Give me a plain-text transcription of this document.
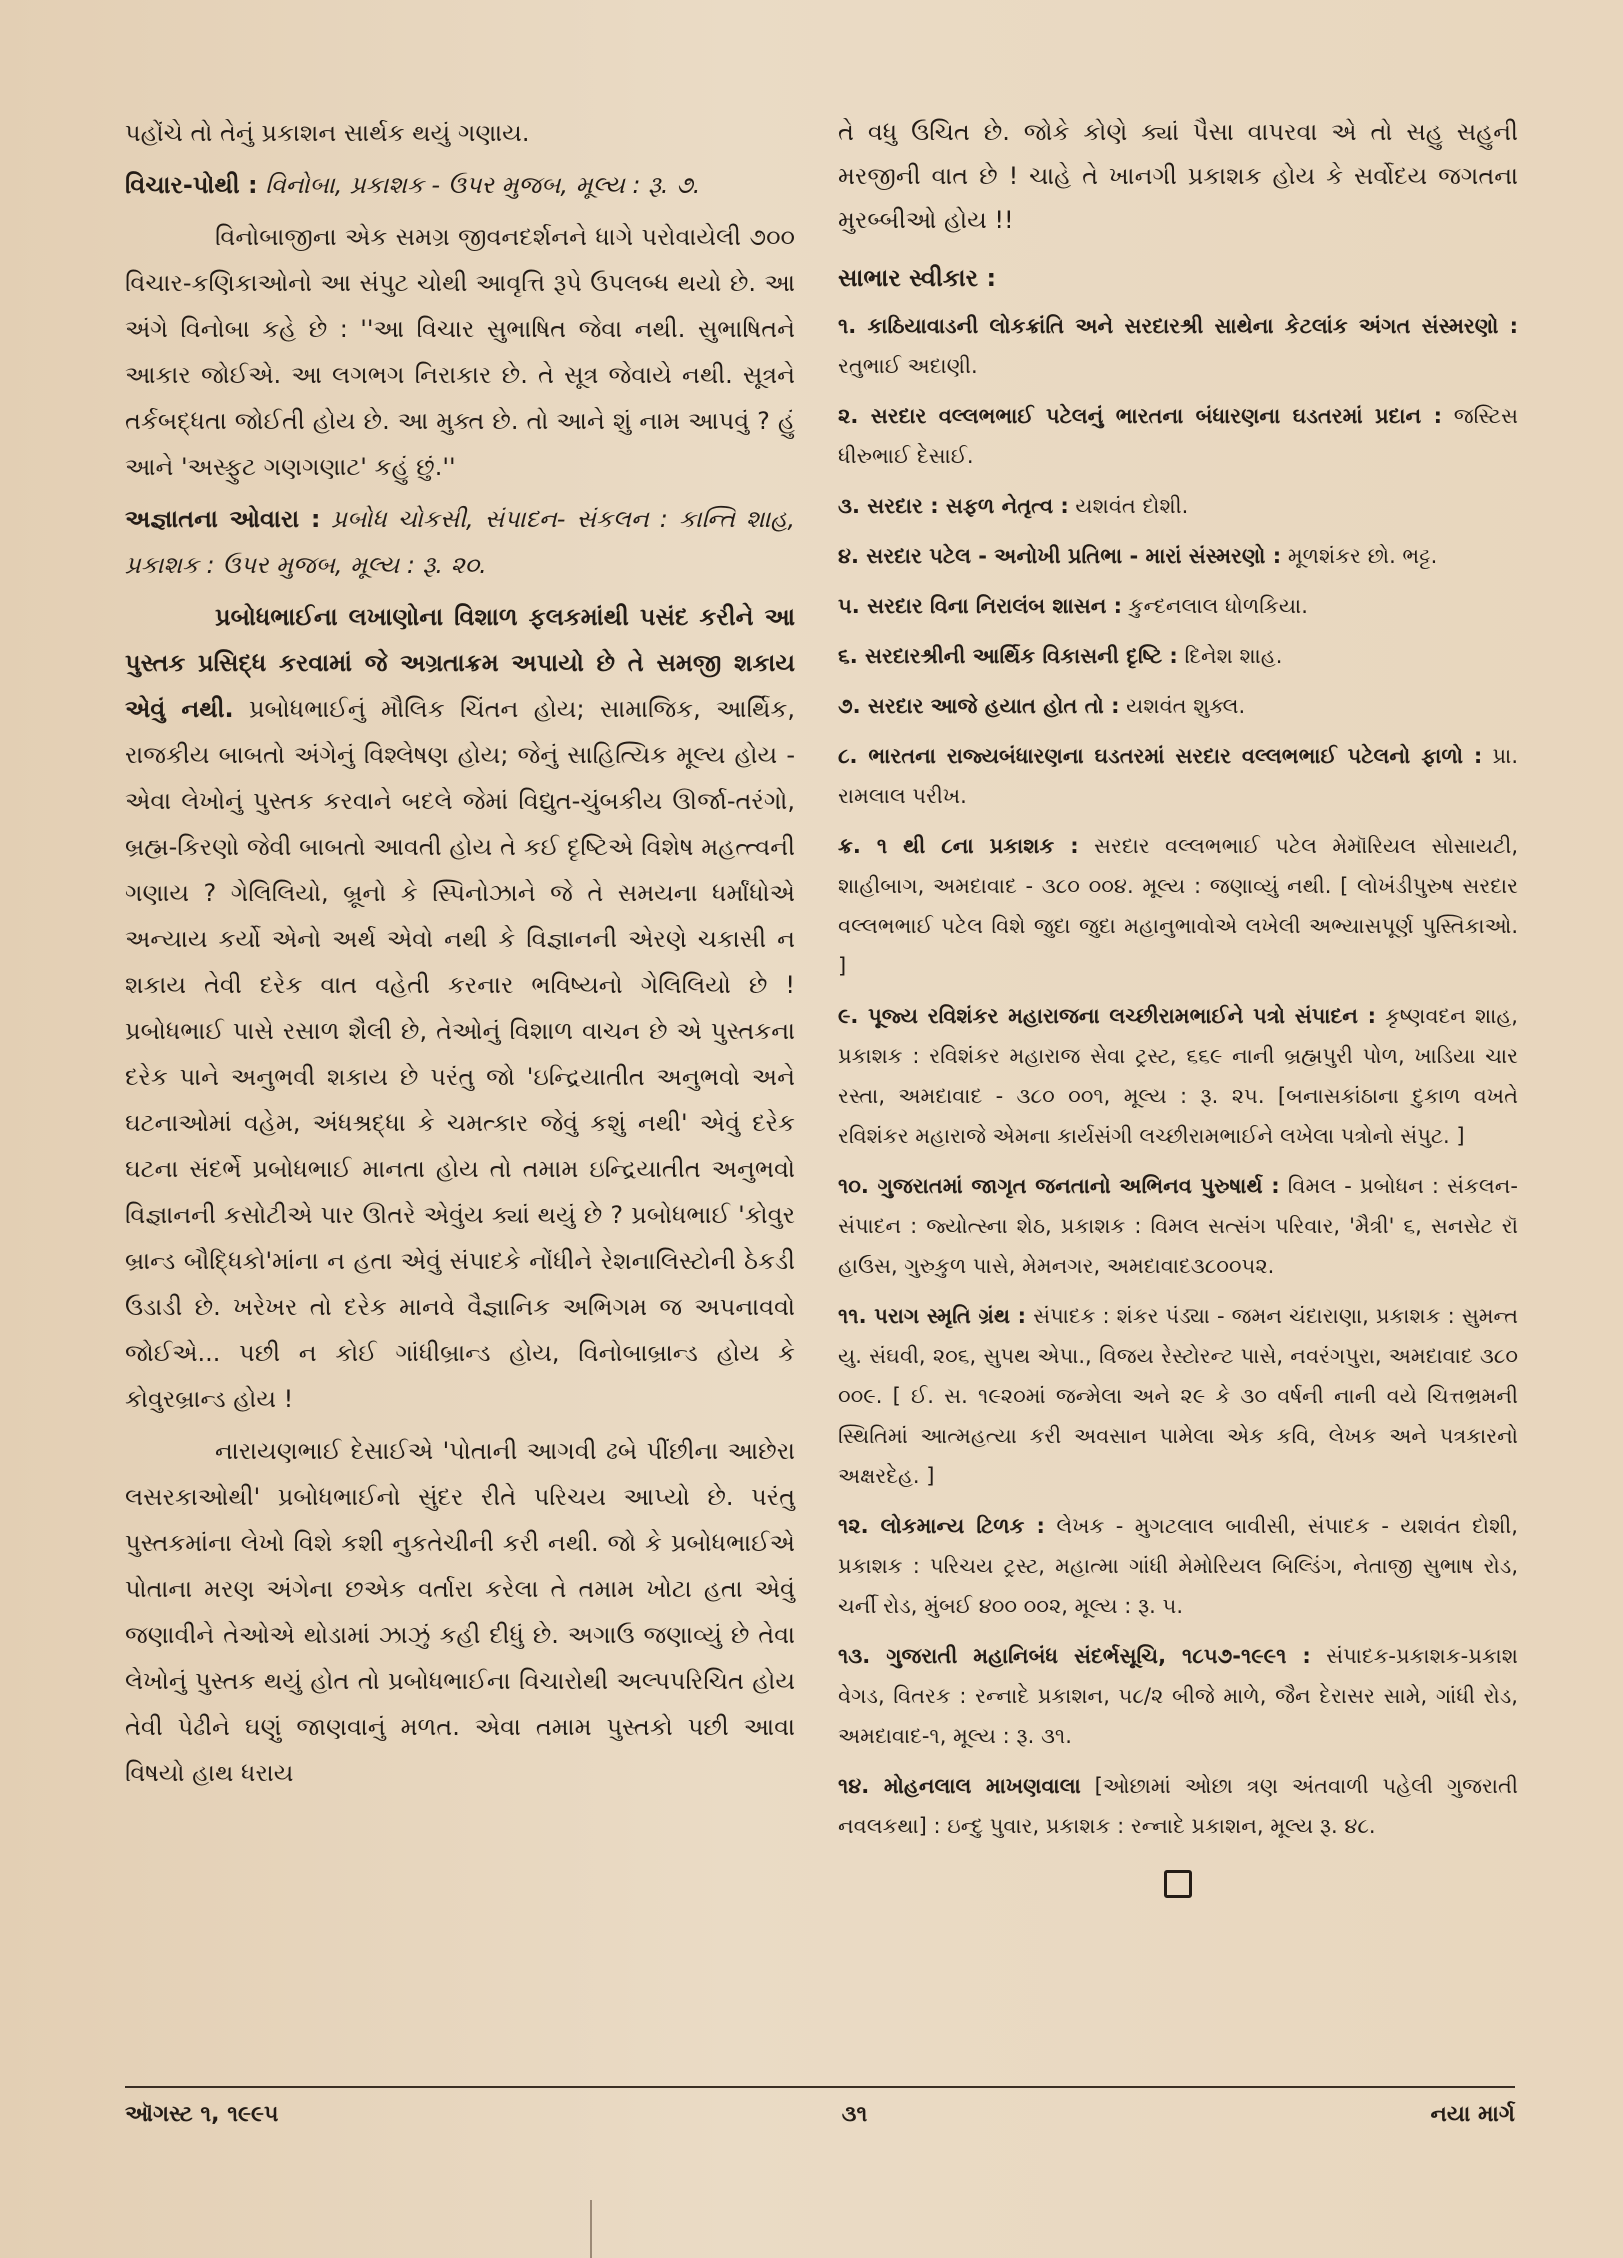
પહોંચે તો તેનું પ્રકાશન સાર્થક થયું ગણાય.

વિચાર-પોથી : વિનોબા, પ્રકાશક - ઉપર મુજબ, મૂલ્ય : રૂ. ૭.

વિનોબાજીના એક સમગ્ર જીવનદર્શનને ધાગે પરોવાયેલી ૭૦૦ વિચાર-કણિકાઓનો આ સંપુટ ચોથી આવૃત્તિ રૂપે ઉપલબ્ધ થયો છે. આ અંગે વિનોબા કહે છે : ''આ વિચાર સુભાષિત જેવા નથી. સુભાષિતને આકાર જોઈએ. આ લગભગ નિરાકાર છે. તે સૂત્ર જેવાયે નથી. સૂત્રને તર્કબદ્ધતા જોઈતી હોય છે. આ મુક્ત છે. તો આને શું નામ આપવું ? હું આને 'અસ્ફુટ ગણગણાટ' કહું છું.''

અજ્ઞાતના ઓવારા : પ્રબોધ ચોકસી, સંપાદન- સંકલન : કાન્તિ શાહ, પ્રકાશક : ઉપર મુજબ, મૂલ્ય : રૂ. ૨૦.

પ્રબોધભાઈના લખાણોના વિશાળ ફલકમાંથી પસંદ કરીને આ પુસ્તક પ્રસિદ્ધ કરવામાં જે અગ્રતાક્રમ અપાયો છે તે સમજી શકાય એવું નથી. પ્રબોધભાઈનું મૌલિક ચિંતન હોય; સામાજિક, આર્થિક, રાજકીય બાબતો અંગેનું વિશ્લેષણ હોય; જેનું સાહિત્યિક મૂલ્ય હોય - એવા લેખોનું પુસ્તક કરવાને બદલે જેમાં વિદ્યુત-ચુંબકીય ઊર્જા-તરંગો, બ્રહ્મ-કિરણો જેવી બાબતો આવતી હોય તે કઈ દૃષ્ટિએ વિશેષ મહત્ત્વની ગણાય ? ગેલિલિયો, બ્રૂનો કે સ્પિનોઝાને જે તે સમયના ધર્માંધોએ અન્યાય કર્યો એનો અર્થ એવો નથી કે વિજ્ઞાનની એરણે ચકાસી ન શકાય તેવી દરેક વાત વહેતી કરનાર ભવિષ્યનો ગેલિલિયો છે ! પ્રબોધભાઈ પાસે રસાળ શૈલી છે, તેઓનું વિશાળ વાચન છે એ પુસ્તકના દરેક પાને અનુભવી શકાય છે પરંતુ જો 'ઇન્દ્રિયાતીત અનુભવો અને ઘટનાઓમાં વહેમ, અંધશ્રદ્ધા કે ચમત્કાર જેવું કશું નથી' એવું દરેક ઘટના સંદર્ભે પ્રબોધભાઈ માનતા હોય તો તમામ ઇન્દ્રિયાતીત અનુભવો વિજ્ઞાનની કસોટીએ પાર ઊતરે એવુંય ક્યાં થયું છે ? પ્રબોધભાઈ 'કોવુર બ્રાન્ડ બૌદ્ધિકો'માંના ન હતા એવું સંપાદકે નોંધીને રેશનાલિસ્ટોની ઠેકડી ઉડાડી છે. ખરેખર તો દરેક માનવે વૈજ્ઞાનિક અભિગમ જ અપનાવવો જોઈએ... પછી ન કોઈ ગાંધીબ્રાન્ડ હોય, વિનોબાબ્રાન્ડ હોય કે કોવુરબ્રાન્ડ હોય !

નારાયણભાઈ દેસાઈએ 'પોતાની આગવી ઢબે પીંછીના આછેરા લસરકાઓથી' પ્રબોધભાઈનો સુંદર રીતે પરિચય આપ્યો છે. પરંતુ પુસ્તકમાંના લેખો વિશે કશી નુકતેચીની કરી નથી. જો કે પ્રબોધભાઈએ પોતાના મરણ અંગેના છએક વર્તારા કરેલા તે તમામ ખોટા હતા એવું જણાવીને તેઓએ થોડામાં ઝાઝું કહી દીધું છે. અગાઉ જણાવ્યું છે તેવા લેખોનું પુસ્તક થયું હોત તો પ્રબોધભાઈના વિચારોથી અલ્પપરિચિત હોય તેવી પેઢીને ઘણું જાણવાનું મળત. એવા તમામ પુસ્તકો પછી આવા વિષયો હાથ ધરાય

તે વધુ ઉચિત છે. જોકે કોણે ક્યાં પૈસા વાપરવા એ તો સહુ સહુની મરજીની વાત છે ! ચાહે તે ખાનગી પ્રકાશક હોય કે સર્વોદય જગતના મુરબ્બીઓ હોય !!

સાભાર સ્વીકાર :

૧. કાઠિયાવાડની લોકક્રાંતિ અને સરદારશ્રી સાથેના કેટલાંક અંગત સંસ્મરણો : રતુભાઈ અદાણી.

૨. સરદાર વલ્લભભાઈ પટેલનું ભારતના બંધારણના ઘડતરમાં પ્રદાન : જસ્ટિસ ધીરુભાઈ દેસાઈ.

૩. સરદાર : સફળ નેતૃત્વ : યશવંત દોશી.

૪. સરદાર પટેલ - અનોખી પ્રતિભા - મારાં સંસ્મરણો : મૂળશંકર છો. ભટ્ટ.

૫. સરદાર વિના નિરાલંબ શાસન : કુન્દનલાલ ધોળકિયા.

૬. સરદારશ્રીની આર્થિક વિકાસની દૃષ્ટિ : દિનેશ શાહ.

૭. સરદાર આજે હયાત હોત તો : યશવંત શુક્લ.

૮. ભારતના રાજ્યબંધારણના ઘડતરમાં સરદાર વલ્લભભાઈ પટેલનો ફાળો : પ્રા. રામલાલ પરીખ.

ક્ર. ૧ થી ૮ના પ્રકાશક : સરદાર વલ્લભભાઈ પટેલ મેમૉરિયલ સોસાયટી, શાહીબાગ, અમદાવાદ - ૩૮૦ ૦૦૪. મૂલ્ય : જણાવ્યું નથી. [ લોખંડીપુરુષ સરદાર વલ્લભભાઈ પટેલ વિશે જુદા જુદા મહાનુભાવોએ લખેલી અભ્યાસપૂર્ણ પુસ્તિકાઓ. ]

૯. પૂજ્ય રવિશંકર મહારાજના લચ્છીરામભાઈને પત્રો સંપાદન : કૃષ્ણવદન શાહ, પ્રકાશક : રવિશંકર મહારાજ સેવા ટ્રસ્ટ, ૬૬૯ નાની બ્રહ્મપુરી પોળ, ખાડિયા ચાર રસ્તા, અમદાવાદ - ૩૮૦ ૦૦૧, મૂલ્ય : રૂ. ૨૫. [બનાસકાંઠાના દુકાળ વખતે રવિશંકર મહારાજે એમના કાર્યસંગી લચ્છીરામભાઈને લખેલા પત્રોનો સંપુટ. ]

૧૦. ગુજરાતમાં જાગૃત જનતાનો અભિનવ પુરુષાર્થ : વિમલ - પ્રબોધન : સંકલન-સંપાદન : જ્યોત્સ્ના શેઠ, પ્રકાશક : વિમલ સત્સંગ પરિવાર, 'મૈત્રી' ૬, સનસેટ રૉ હાઉસ, ગુરુકુળ પાસે, મેમનગર, અમદાવાદ૩૮૦૦૫૨.

૧૧. પરાગ સ્મૃતિ ગ્રંથ : સંપાદક : શંકર પંડ્યા - જમન ચંદારાણા, પ્રકાશક : સુમન્ત યુ. સંઘવી, ૨૦૬, સુપથ એપા., વિજય રેસ્ટોરન્ટ પાસે, નવરંગપુરા, અમદાવાદ ૩૮૦ ૦૦૯. [ ઈ. સ. ૧૯૨૦માં જન્મેલા અને ૨૯ કે ૩૦ વર્ષની નાની વયે ચિત્તભ્રમની સ્થિતિમાં આત્મહત્યા કરી અવસાન પામેલા એક કવિ, લેખક અને પત્રકારનો અક્ષરદેહ. ]

૧૨. લોકમાન્ય ટિળક : લેખક - મુગટલાલ બાવીસી, સંપાદક - યશવંત દોશી, પ્રકાશક : પરિચય ટ્રસ્ટ, મહાત્મા ગાંધી મેમોરિયલ બિલ્ડિંગ, નેતાજી સુભાષ રોડ, ચર્ની રોડ, મુંબઈ ૪૦૦ ૦૦૨, મૂલ્ય : રૂ. ૫.

૧૩. ગુજરાતી મહાનિબંધ સંદર્ભસૂચિ, ૧૮૫૭-૧૯૯૧ : સંપાદક-પ્રકાશક-પ્રકાશ વેગડ, વિતરક : રન્નાદે પ્રકાશન, ૫૮/૨ બીજે માળે, જૈન દેરાસર સામે, ગાંધી રોડ, અમદાવાદ-૧, મૂલ્ય : રૂ. ૩૧.

૧૪. મોહનલાલ માખણવાલા [ઓછામાં ઓછા ત્રણ અંતવાળી પહેલી ગુજરાતી નવલકથા] : ઇન્દુ પુવાર, પ્રકાશક : રન્નાદે પ્રકાશન, મૂલ્ય રૂ. ૪૮.

ઑગસ્ટ ૧, ૧૯૯૫	૩૧	નયા માર્ગ
